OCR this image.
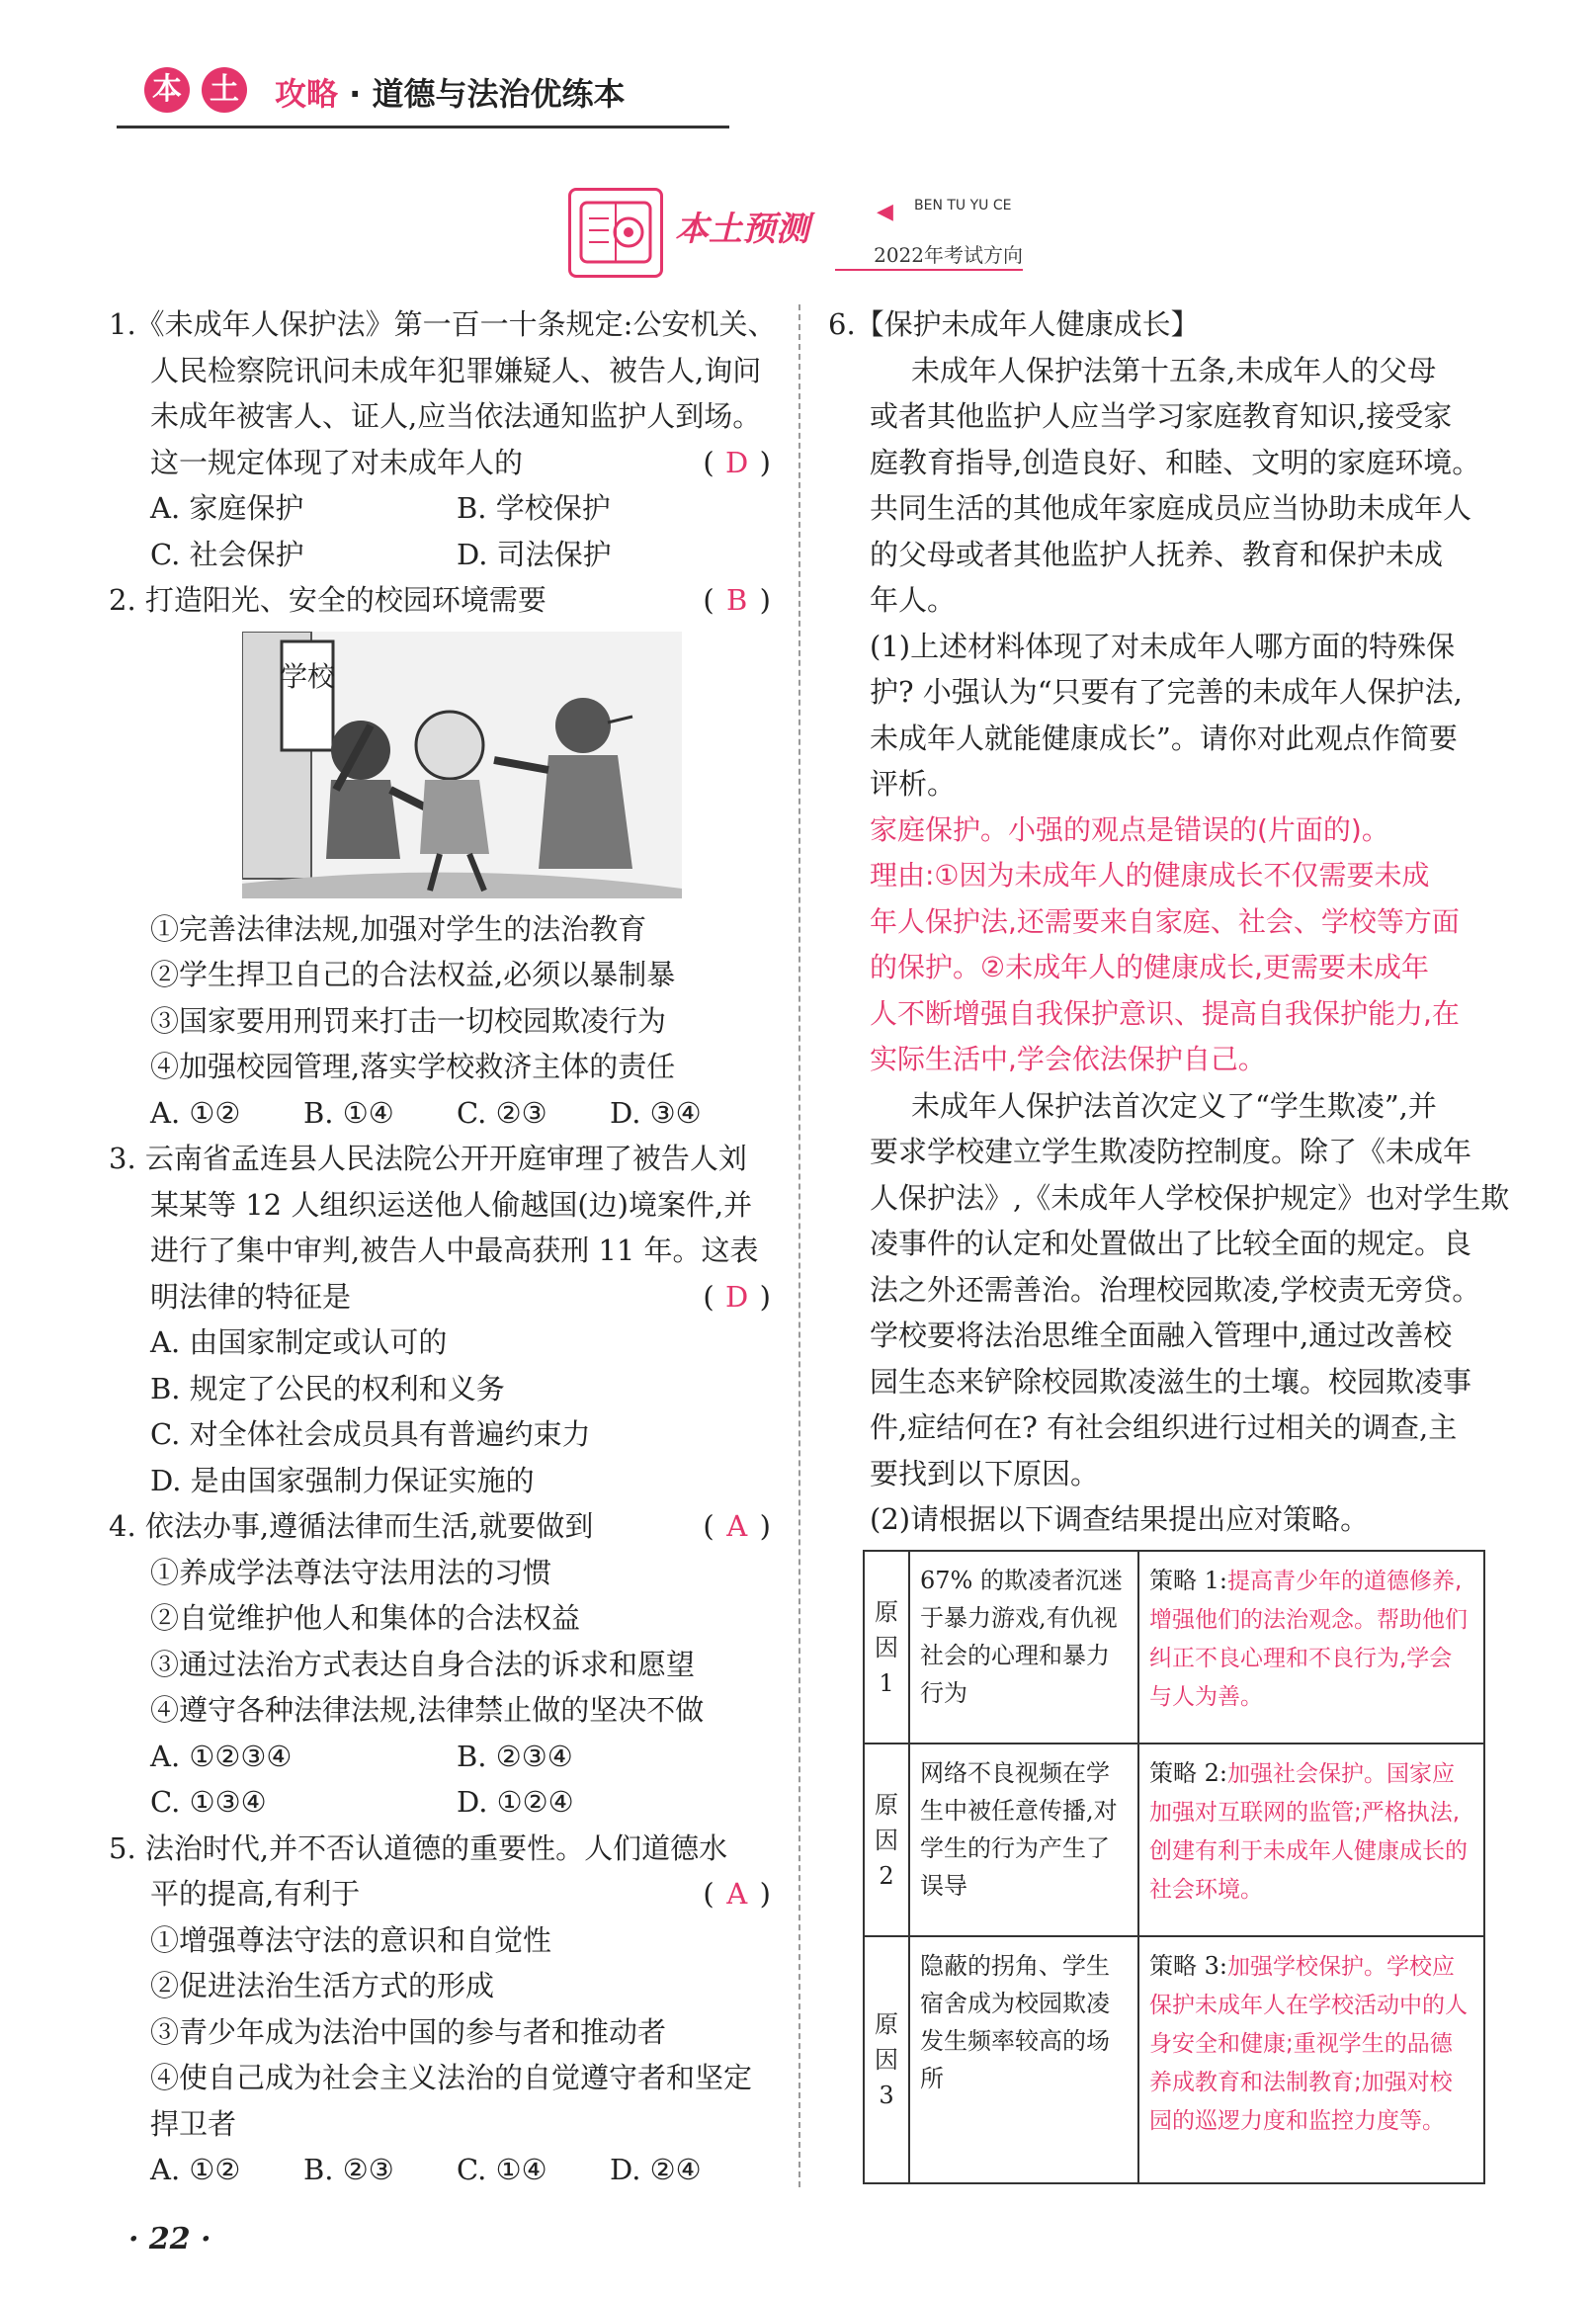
本 土 攻略 · 道德与法治优练本
本土预测	◀ BEN TU YU CE
2022年考试方向
1.《未成年人保护法》第一百一十条规定:公安机关、
人民检察院讯问未成年犯罪嫌疑人、被告人,询问
未成年被害人、证人,应当依法通知监护人到场。
这一规定体现了对未成年人的	( D )
A. 家庭保护	B. 学校保护
C. 社会保护	D. 司法保护
2. 打造阳光、安全的校园环境需要	( B )
学校
①完善法律法规,加强对学生的法治教育
②学生捍卫自己的合法权益,必须以暴制暴
③国家要用刑罚来打击一切校园欺凌行为
④加强校园管理,落实学校救济主体的责任
A. ①②	B. ①④	C. ②③	D. ③④
3. 云南省孟连县人民法院公开开庭审理了被告人刘
某某等 12 人组织运送他人偷越国(边)境案件,并
进行了集中审判,被告人中最高获刑 11 年。这表
明法律的特征是	( D )
A. 由国家制定或认可的
B. 规定了公民的权利和义务
C. 对全体社会成员具有普遍约束力
D. 是由国家强制力保证实施的
4. 依法办事,遵循法律而生活,就要做到	( A )
①养成学法尊法守法用法的习惯
②自觉维护他人和集体的合法权益
③通过法治方式表达自身合法的诉求和愿望
④遵守各种法律法规,法律禁止做的坚决不做
A. ①②③④	B. ②③④
C. ①③④	D. ①②④
5. 法治时代,并不否认道德的重要性。人们道德水
平的提高,有利于	( A )
①增强尊法守法的意识和自觉性
②促进法治生活方式的形成
③青少年成为法治中国的参与者和推动者
④使自己成为社会主义法治的自觉遵守者和坚定
捍卫者
A. ①②	B. ②③	C. ①④	D. ②④
6.【保护未成年人健康成长】
未成年人保护法第十五条,未成年人的父母
或者其他监护人应当学习家庭教育知识,接受家
庭教育指导,创造良好、和睦、文明的家庭环境。
共同生活的其他成年家庭成员应当协助未成年人
的父母或者其他监护人抚养、教育和保护未成
年人。
(1)上述材料体现了对未成年人哪方面的特殊保
护? 小强认为“只要有了完善的未成年人保护法,
未成年人就能健康成长”。请你对此观点作简要
评析。
家庭保护。小强的观点是错误的(片面的)。
理由:①因为未成年人的健康成长不仅需要未成
年人保护法,还需要来自家庭、社会、学校等方面
的保护。②未成年人的健康成长,更需要未成年
人不断增强自我保护意识、提高自我保护能力,在
实际生活中,学会依法保护自己。
未成年人保护法首次定义了“学生欺凌”,并
要求学校建立学生欺凌防控制度。除了《未成年
人保护法》,《未成年人学校保护规定》也对学生欺
凌事件的认定和处置做出了比较全面的规定。良
法之外还需善治。治理校园欺凌,学校责无旁贷。
学校要将法治思维全面融入管理中,通过改善校
园生态来铲除校园欺凌滋生的土壤。校园欺凌事
件,症结何在? 有社会组织进行过相关的调查,主
要找到以下原因。
(2)请根据以下调查结果提出应对策略。
原
因
1	67% 的欺凌者沉迷于暴力游戏,有仇视社会的心理和暴力行为	策略 1:提高青少年的道德修养,增强他们的法治观念。帮助他们纠正不良心理和不良行为,学会与人为善。
原
因
2	网络不良视频在学生中被任意传播,对学生的行为产生了误导	策略 2:加强社会保护。国家应加强对互联网的监管;严格执法,创建有利于未成年人健康成长的社会环境。
原
因
3	隐蔽的拐角、学生宿舍成为校园欺凌发生频率较高的场所	策略 3:加强学校保护。学校应保护未成年人在学校活动中的人身安全和健康;重视学生的品德养成教育和法制教育;加强对校园的巡逻力度和监控力度等。
· 22 ·
